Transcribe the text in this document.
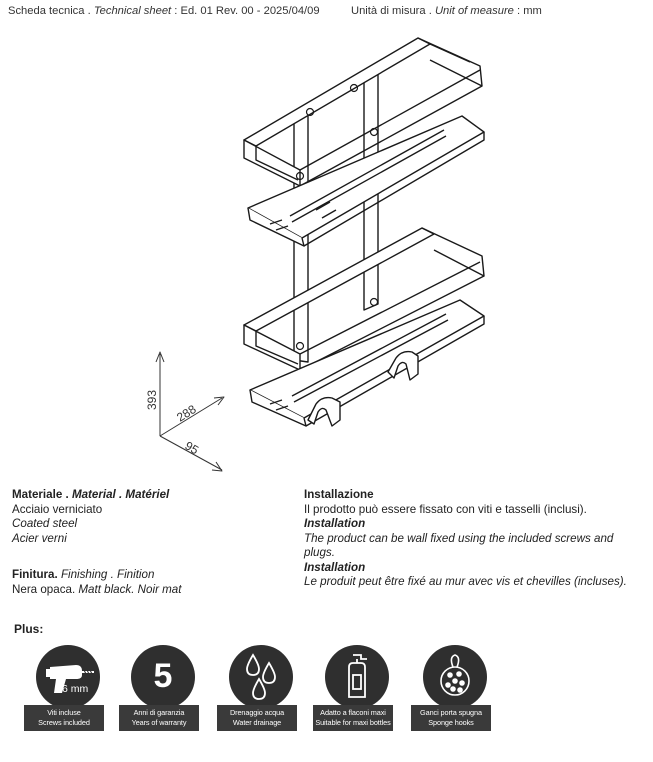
Scheda tecnica . Technical sheet : Ed. 01 Rev. 00 - 2025/04/09	Unità di misura . Unit of measure : mm
393
288
95
Materiale . Material . Matériel
Acciaio verniciato
Coated steel
Acier verni
Finitura. Finishing . Finition
Nera opaca. Matt black. Noir mat
Installazione
Il prodotto può essere fissato con viti e tasselli (inclusi).
Installation
The product can be wall fixed using the included screws and plugs.
Installation
Le produit peut être fixé au mur avec vis et chevilles (incluses).
Plus:
6 mm
Viti incluse
Screws included
5
Anni di garanzia
Years of warranty
Drenaggio acqua
Water drainage
Adatto a flaconi maxi
Suitable for maxi bottles
Ganci porta spugna
Sponge hooks
